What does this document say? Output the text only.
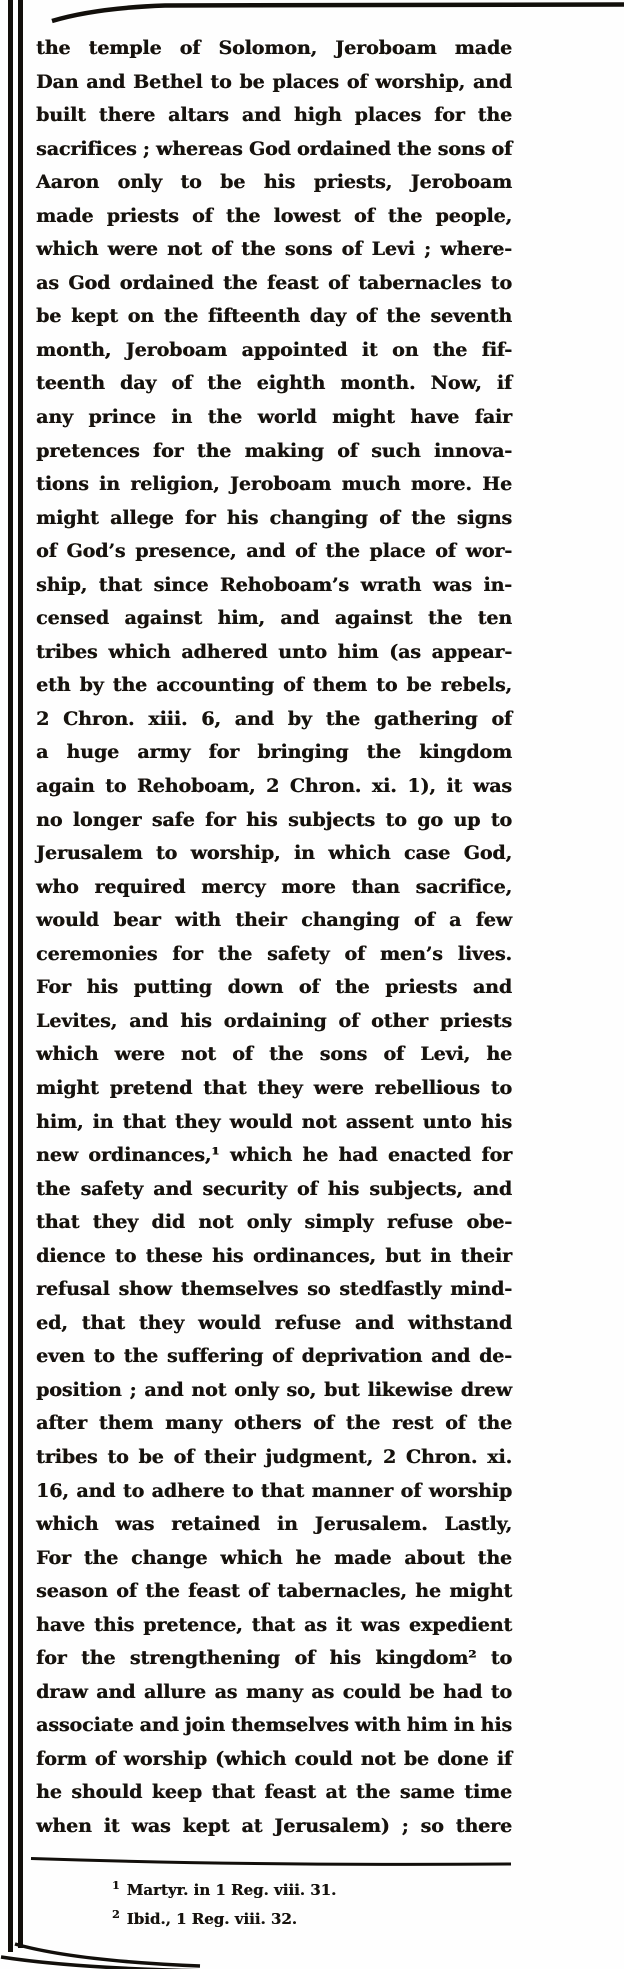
the temple of Solomon, Jeroboam made
Dan and Bethel to be places of worship, and
built there altars and high places for the
sacrifices ; whereas God ordained the sons of
Aaron only to be his priests, Jeroboam
made priests of the lowest of the people,
which were not of the sons of Levi ; where-
as God ordained the feast of tabernacles to
be kept on the fifteenth day of the seventh
month, Jeroboam appointed it on the fif-
teenth day of the eighth month. Now, if
any prince in the world might have fair
pretences for the making of such innova-
tions in religion, Jeroboam much more. He
might allege for his changing of the signs
of God’s presence, and of the place of wor-
ship, that since Rehoboam’s wrath was in-
censed against him, and against the ten
tribes which adhered unto him (as appear-
eth by the accounting of them to be rebels,
2 Chron. xiii. 6, and by the gathering of
a huge army for bringing the kingdom
again to Rehoboam, 2 Chron. xi. 1), it was
no longer safe for his subjects to go up to
Jerusalem to worship, in which case God,
who required mercy more than sacrifice,
would bear with their changing of a few
ceremonies for the safety of men’s lives.
For his putting down of the priests and
Levites, and his ordaining of other priests
which were not of the sons of Levi, he
might pretend that they were rebellious to
him, in that they would not assent unto his
new ordinances,¹ which he had enacted for
the safety and security of his subjects, and
that they did not only simply refuse obe-
dience to these his ordinances, but in their
refusal show themselves so stedfastly mind-
ed, that they would refuse and withstand
even to the suffering of deprivation and de-
position ; and not only so, but likewise drew
after them many others of the rest of the
tribes to be of their judgment, 2 Chron. xi.
16, and to adhere to that manner of worship
which was retained in Jerusalem. Lastly,
For the change which he made about the
season of the feast of tabernacles, he might
have this pretence, that as it was expedient
for the strengthening of his kingdom² to
draw and allure as many as could be had to
associate and join themselves with him in his
form of worship (which could not be done if
he should keep that feast at the same time
when it was kept at Jerusalem) ; so there
$^1$ Martyr. in 1 Reg. viii. 31.
$^2$ Ibid., 1 Reg. viii. 32.
